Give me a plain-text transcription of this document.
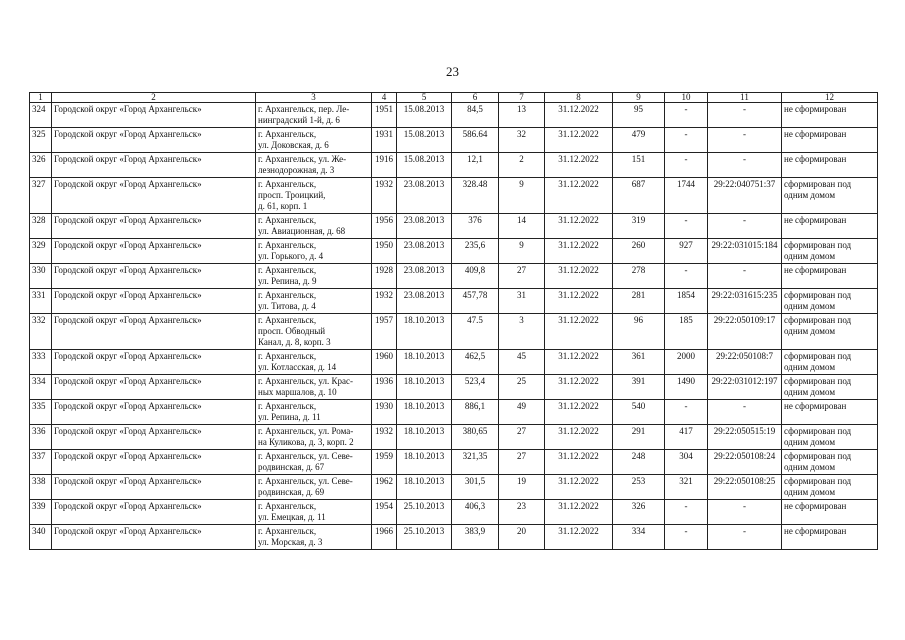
23
1	2	3	4	5	6	7	8	9	10	11	12
324	Городской округ «Город Архангельск»	г. Архангельск, пер. Ле-
нинградский 1-й, д. 6	1951	15.08.2013	84,5	13	31.12.2022	95	-	-	не сформирован
325	Городской округ «Город Архангельск»	г. Архангельск,
ул. Доковская, д. 6	1931	15.08.2013	586.64	32	31.12.2022	479	-	-	не сформирован
326	Городской округ «Город Архангельск»	г. Архангельск, ул. Же-
лезнодорожная, д. 3	1916	15.08.2013	12,1	2	31.12.2022	151	-	-	не сформирован
327	Городской округ «Город Архангельск»	г. Архангельск,
просп. Троицкий,
д. 61, корп. 1	1932	23.08.2013	328.48	9	31.12.2022	687	1744	29:22:040751:37	сформирован под
одним домом
328	Городской округ «Город Архангельск»	г. Архангельск,
ул. Авиационная, д. 68	1956	23.08.2013	376	14	31.12.2022	319	-	-	не сформирован
329	Городской округ «Город Архангельск»	г. Архангельск,
ул. Горького, д. 4	1950	23.08.2013	235,6	9	31.12.2022	260	927	29:22:031015:184	сформирован под
одним домом
330	Городской округ «Город Архангельск»	г. Архангельск,
ул. Репина, д. 9	1928	23.08.2013	409,8	27	31.12.2022	278	-	-	не сформирован
331	Городской округ «Город Архангельск»	г. Архангельск,
ул. Титова, д. 4	1932	23.08.2013	457,78	31	31.12.2022	281	1854	29:22:031615:235	сформирован под
одним домом
332	Городской округ «Город Архангельск»	г. Архангельск,
просп. Обводный
Канал, д. 8, корп. 3	1957	18.10.2013	47.5	3	31.12.2022	96	185	29:22:050109:17	сформирован под
одним домом
333	Городской округ «Город Архангельск»	г. Архангельск,
ул. Котласская, д. 14	1960	18.10.2013	462,5	45	31.12.2022	361	2000	29:22:050108:7	сформирован под
одним домом
334	Городской округ «Город Архангельск»	г. Архангельск, ул. Крас-
ных маршалов, д. 10	1936	18.10.2013	523,4	25	31.12.2022	391	1490	29:22:031012:197	сформирован под
одним домом
335	Городской округ «Город Архангельск»	г. Архангельск,
ул. Репина, д. 11	1930	18.10.2013	886,1	49	31.12.2022	540	-	-	не сформирован
336	Городской округ «Город Архангельск»	г. Архангельск, ул. Рома-
на Куликова, д. 3, корп. 2	1932	18.10.2013	380,65	27	31.12.2022	291	417	29:22:050515:19	сформирован под
одним домом
337	Городской округ «Город Архангельск»	г. Архангельск, ул. Севе-
родвинская, д. 67	1959	18.10.2013	321,35	27	31.12.2022	248	304	29:22:050108:24	сформирован под
одним домом
338	Городской округ «Город Архангельск»	г. Архангельск, ул. Севе-
родвинская, д. 69	1962	18.10.2013	301,5	19	31.12.2022	253	321	29:22:050108:25	сформирован под
одним домом
339	Городской округ «Город Архангельск»	г. Архангельск,
ул. Емецкая, д. 11	1954	25.10.2013	406,3	23	31.12.2022	326	-	-	не сформирован
340	Городской округ «Город Архангельск»	г. Архангельск,
ул. Морская, д. 3	1966	25.10.2013	383,9	20	31.12.2022	334	-	-	не сформирован
